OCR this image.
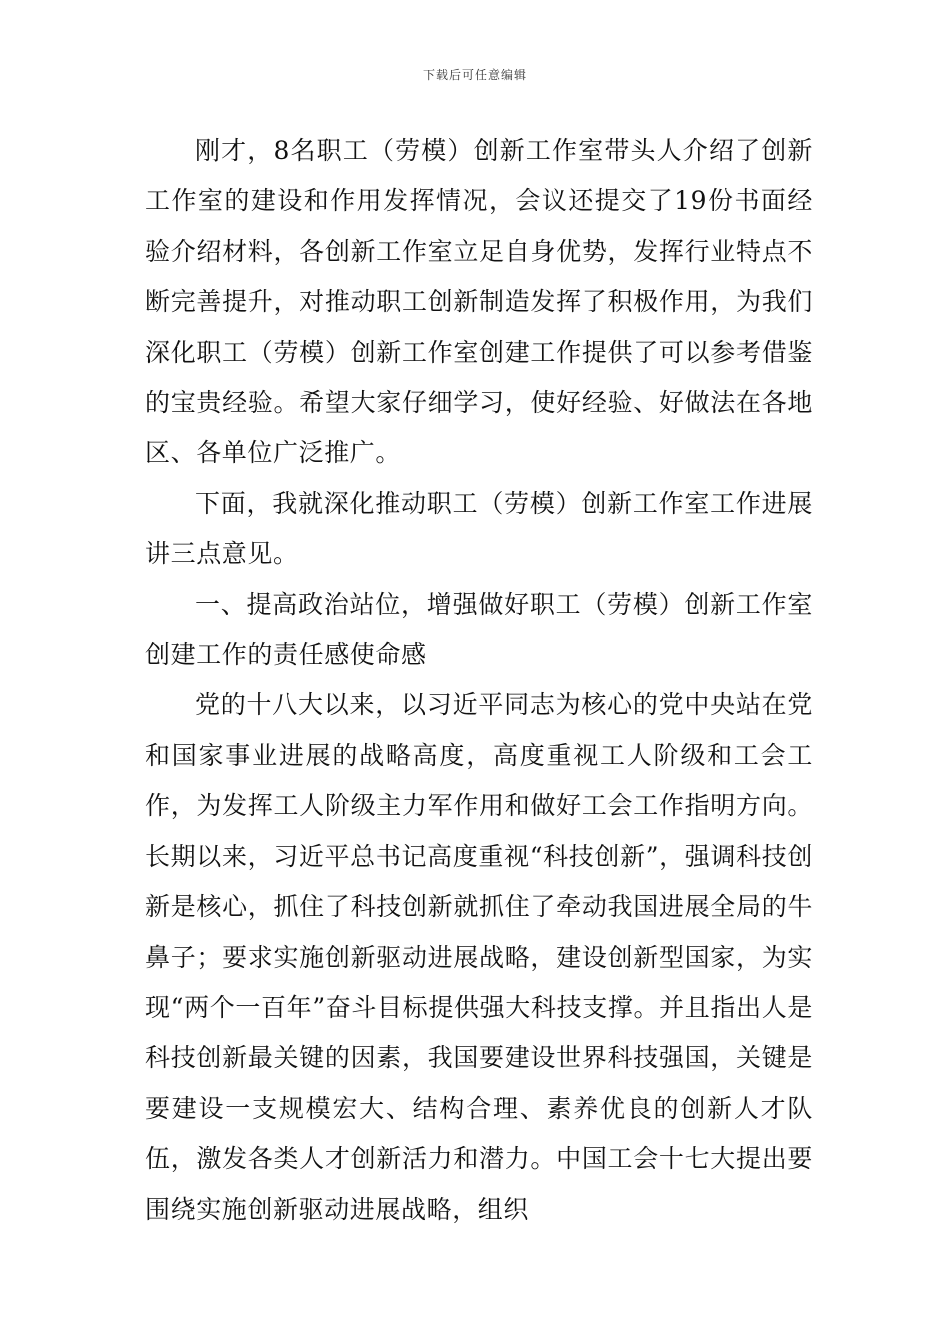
下载后可任意编辑

刚才，8名职工（劳模）创新工作室带头人介绍了创新工作室的建设和作用发挥情况，会议还提交了19份书面经验介绍材料，各创新工作室立足自身优势，发挥行业特点不断完善提升，对推动职工创新制造发挥了积极作用，为我们深化职工（劳模）创新工作室创建工作提供了可以参考借鉴的宝贵经验。希望大家仔细学习，使好经验、好做法在各地区、各单位广泛推广。

下面，我就深化推动职工（劳模）创新工作室工作进展讲三点意见。

一、提高政治站位，增强做好职工（劳模）创新工作室创建工作的责任感使命感

党的十八大以来，以习近平同志为核心的党中央站在党和国家事业进展的战略高度，高度重视工人阶级和工会工作，为发挥工人阶级主力军作用和做好工会工作指明方向。长期以来，习近平总书记高度重视“科技创新”，强调科技创新是核心，抓住了科技创新就抓住了牵动我国进展全局的牛鼻子；要求实施创新驱动进展战略，建设创新型国家，为实现“两个一百年”奋斗目标提供强大科技支撑。并且指出人是科技创新最关键的因素，我国要建设世界科技强国，关键是要建设一支规模宏大、结构合理、素养优良的创新人才队伍，激发各类人才创新活力和潜力。中国工会十七大提出要围绕实施创新驱动进展战略，组织
